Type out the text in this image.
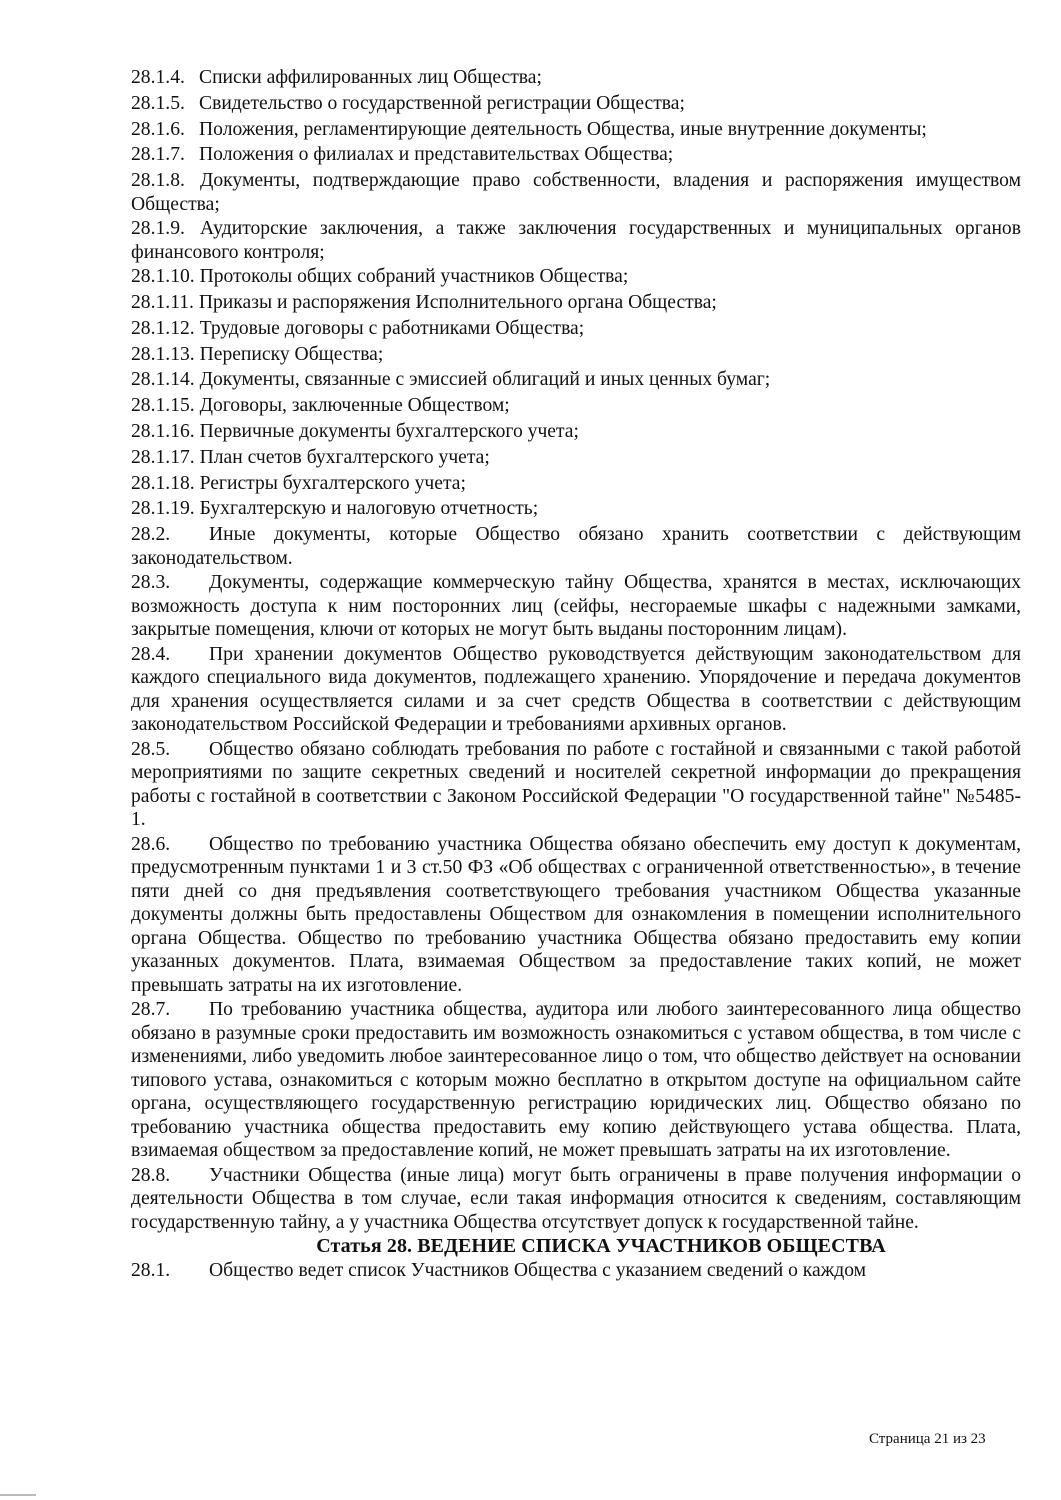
28.1.4. Списки аффилированных лиц Общества;
28.1.5. Свидетельство о государственной регистрации Общества;
28.1.6. Положения, регламентирующие деятельность Общества, иные внутренние документы;
28.1.7. Положения о филиалах и представительствах Общества;
28.1.8. Документы, подтверждающие право собственности, владения и распоряжения имуществом Общества;
28.1.9. Аудиторские заключения, а также заключения государственных и муниципальных органов финансового контроля;
28.1.10. Протоколы общих собраний участников Общества;
28.1.11. Приказы и распоряжения Исполнительного органа Общества;
28.1.12. Трудовые договоры с работниками Общества;
28.1.13. Переписку Общества;
28.1.14. Документы, связанные с эмиссией облигаций и иных ценных бумаг;
28.1.15. Договоры, заключенные Обществом;
28.1.16. Первичные документы бухгалтерского учета;
28.1.17. План счетов бухгалтерского учета;
28.1.18. Регистры бухгалтерского учета;
28.1.19. Бухгалтерскую и налоговую отчетность;
28.2. Иные документы, которые Общество обязано хранить соответствии с действующим законодательством.
28.3. Документы, содержащие коммерческую тайну Общества, хранятся в местах, исключающих возможность доступа к ним посторонних лиц (сейфы, несгораемые шкафы с надежными замками, закрытые помещения, ключи от которых не могут быть выданы посторонним лицам).
28.4. При хранении документов Общество руководствуется действующим законодательством для каждого специального вида документов, подлежащего хранению. Упорядочение и передача документов для хранения осуществляется силами и за счет средств Общества в соответствии с действующим законодательством Российской Федерации и требованиями архивных органов.
28.5. Общество обязано соблюдать требования по работе с гостайной и связанными с такой работой мероприятиями по защите секретных сведений и носителей секретной информации до прекращения работы с гостайной в соответствии с Законом Российской Федерации "О государственной тайне" №5485-1.
28.6. Общество по требованию участника Общества обязано обеспечить ему доступ к документам, предусмотренным пунктами 1 и 3 ст.50 ФЗ «Об обществах с ограниченной ответственностью», в течение пяти дней со дня предъявления соответствующего требования участником Общества указанные документы должны быть предоставлены Обществом для ознакомления в помещении исполнительного органа Общества. Общество по требованию участника Общества обязано предоставить ему копии указанных документов. Плата, взимаемая Обществом за предоставление таких копий, не может превышать затраты на их изготовление.
28.7. По требованию участника общества, аудитора или любого заинтересованного лица общество обязано в разумные сроки предоставить им возможность ознакомиться с уставом общества, в том числе с изменениями, либо уведомить любое заинтересованное лицо о том, что общество действует на основании типового устава, ознакомиться с которым можно бесплатно в открытом доступе на официальном сайте органа, осуществляющего государственную регистрацию юридических лиц. Общество обязано по требованию участника общества предоставить ему копию действующего устава общества. Плата, взимаемая обществом за предоставление копий, не может превышать затраты на их изготовление.
28.8. Участники Общества (иные лица) могут быть ограничены в праве получения информации о деятельности Общества в том случае, если такая информация относится к сведениям, составляющим государственную тайну, а у участника Общества отсутствует допуск к государственной тайне.
Статья 28. ВЕДЕНИЕ СПИСКА УЧАСТНИКОВ ОБЩЕСТВА
28.1. Общество ведет список Участников Общества с указанием сведений о каждом
Страница 21 из 23
